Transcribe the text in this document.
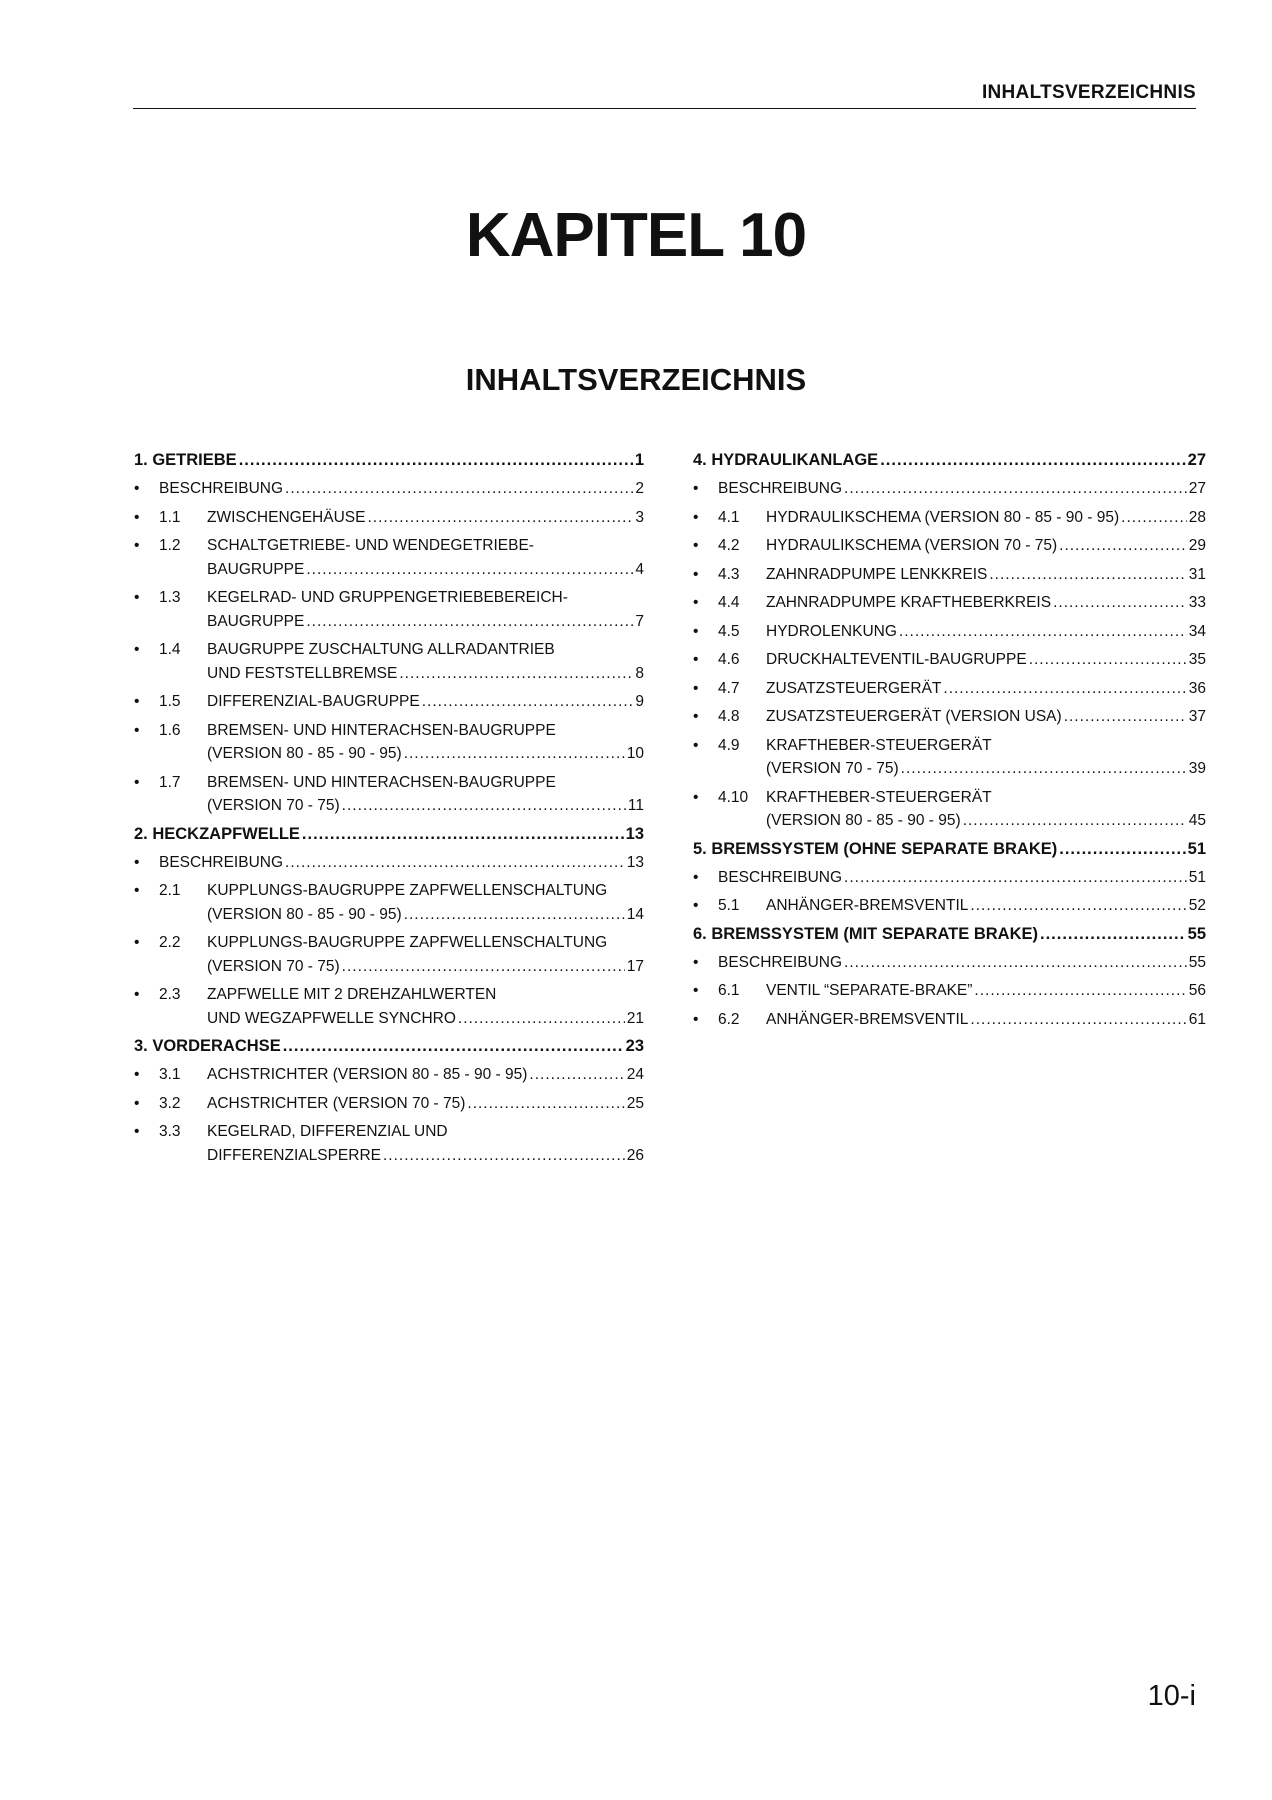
INHALTSVERZEICHNIS
KAPITEL 10
INHALTSVERZEICHNIS
1. GETRIEBE .....	1
•	BESCHREIBUNG .....	2
•	1.1	ZWISCHENGEHÄUSE .....	3
•	1.2	SCHALTGETRIEBE- UND WENDEGETRIEBE-
BAUGRUPPE .....	4
•	1.3	KEGELRAD- UND GRUPPENGETRIEBEBEREICH-
BAUGRUPPE .....	7
•	1.4	BAUGRUPPE ZUSCHALTUNG ALLRADANTRIEB
UND FESTSTELLBREMSE .....	8
•	1.5	DIFFERENZIAL-BAUGRUPPE .....	9
•	1.6	BREMSEN- UND HINTERACHSEN-BAUGRUPPE
(VERSION 80 - 85 - 90 - 95) .....	10
•	1.7	BREMSEN- UND HINTERACHSEN-BAUGRUPPE
(VERSION 70 - 75) .....	11
2. HECKZAPFWELLE .....	13
•	BESCHREIBUNG .....	13
•	2.1	KUPPLUNGS-BAUGRUPPE ZAPFWELLENSCHALTUNG
(VERSION 80 - 85 - 90 - 95) .....	14
•	2.2	KUPPLUNGS-BAUGRUPPE ZAPFWELLENSCHALTUNG
(VERSION 70 - 75) .....	17
•	2.3	ZAPFWELLE MIT 2 DREHZAHLWERTEN
UND WEGZAPFWELLE SYNCHRO .....	21
3. VORDERACHSE .....	23
•	3.1	ACHSTRICHTER (VERSION 80 - 85 - 90 - 95) .....	24
•	3.2	ACHSTRICHTER (VERSION 70 - 75) .....	25
•	3.3	KEGELRAD, DIFFERENZIAL UND
DIFFERENZIALSPERRE .....	26
4. HYDRAULIKANLAGE .....	27
•	BESCHREIBUNG .....	27
•	4.1	HYDRAULIKSCHEMA (VERSION 80 - 85 - 90 - 95) .....	28
•	4.2	HYDRAULIKSCHEMA (VERSION 70 - 75) .....	29
•	4.3	ZAHNRADPUMPE LENKKREIS .....	31
•	4.4	ZAHNRADPUMPE KRAFTHEBERKREIS .....	33
•	4.5	HYDROLENKUNG .....	34
•	4.6	DRUCKHALTEVENTIL-BAUGRUPPE .....	35
•	4.7	ZUSATZSTEUERGERÄT .....	36
•	4.8	ZUSATZSTEUERGERÄT (VERSION USA) .....	37
•	4.9	KRAFTHEBER-STEUERGERÄT
(VERSION 70 - 75) .....	39
•	4.10	KRAFTHEBER-STEUERGERÄT
(VERSION 80 - 85 - 90 - 95) .....	45
5. BREMSSYSTEM (OHNE SEPARATE BRAKE) .....	51
•	BESCHREIBUNG .....	51
•	5.1	ANHÄNGER-BREMSVENTIL .....	52
6. BREMSSYSTEM (MIT SEPARATE BRAKE) .....	55
•	BESCHREIBUNG .....	55
•	6.1	VENTIL “SEPARATE-BRAKE” .....	56
•	6.2	ANHÄNGER-BREMSVENTIL .....	61
10-i
